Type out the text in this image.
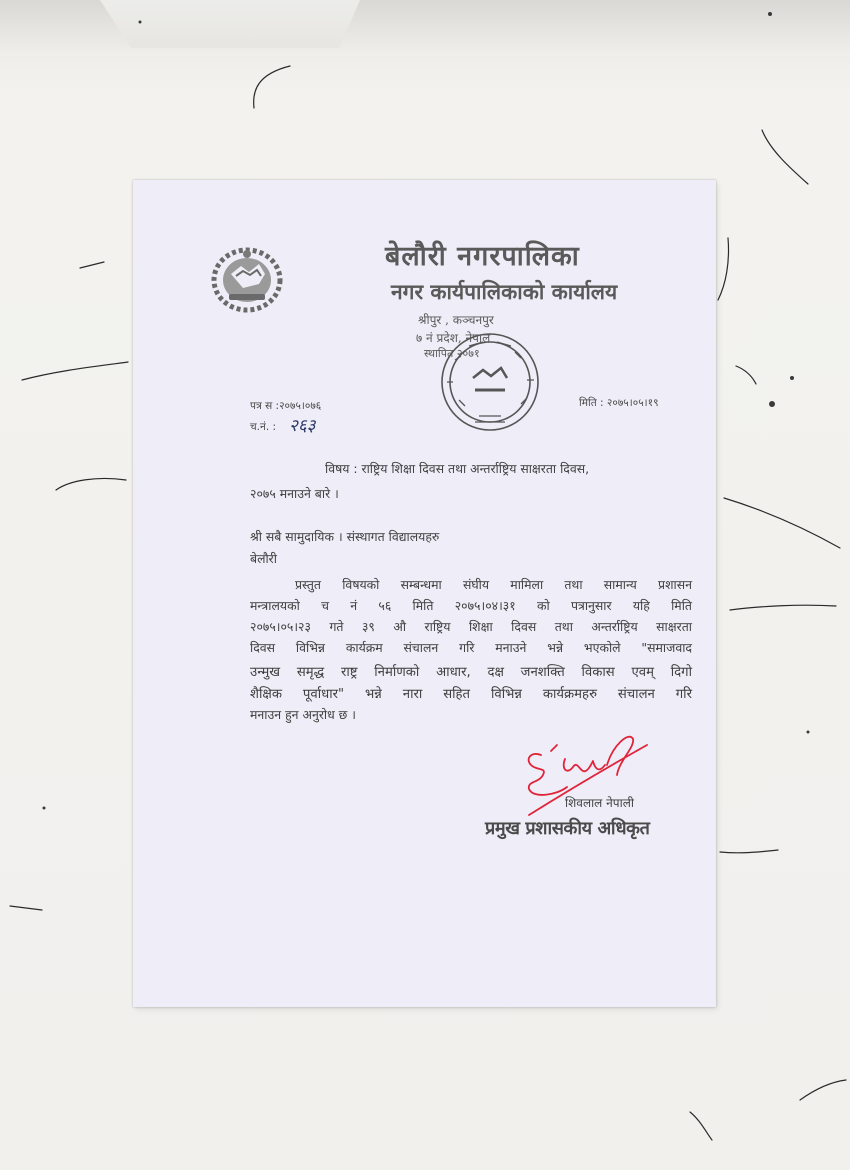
बेलौरी नगरपालिका
नगर कार्यपालिकाको कार्यालय
श्रीपुर , कञ्चनपुर
७ नं प्रदेश, नेपाल
स्थापित २०७१
पत्र स :२०७५।०७६
च.नं. : २६३
मिति : २०७५।०५।१९
विषय : राष्ट्रिय शिक्षा दिवस तथा अन्तर्राष्ट्रिय साक्षरता दिवस,
२०७५ मनाउने बारे ।
श्री सबै सामुदायिक । संस्थागत विद्यालयहरु
बेलौरी
प्रस्तुत विषयको सम्बन्धमा संघीय मामिला तथा सामान्य प्रशासन
मन्त्रालयको च नं ५६ मिति २०७५।०४।३१ को पत्रानुसार यहि मिति
२०७५।०५।२३ गते ३९ औ राष्ट्रिय शिक्षा दिवस तथा अन्तर्राष्ट्रिय साक्षरता
दिवस विभिन्न कार्यक्रम संचालन गरि मनाउने भन्ने भएकोले "समाजवाद
उन्मुख समृद्ध राष्ट्र निर्माणको आधार, दक्ष जनशक्ति विकास एवम् दिगो
शैक्षिक पूर्वाधार" भन्ने नारा सहित विभिन्न कार्यक्रमहरु संचालन गरि
मनाउन हुन अनुरोध छ ।
शिवलाल नेपाली
प्रमुख प्रशासकीय अधिकृत
